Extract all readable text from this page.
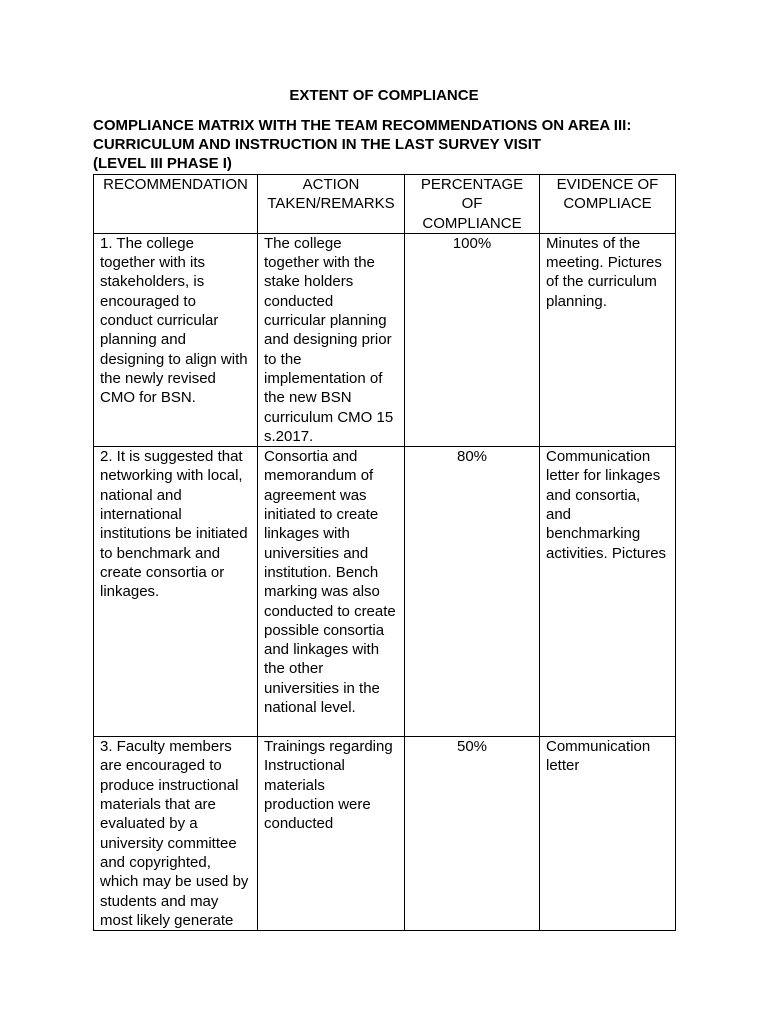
EXTENT OF COMPLIANCE
COMPLIANCE MATRIX WITH THE TEAM RECOMMENDATIONS ON AREA III:
CURRICULUM AND INSTRUCTION IN THE LAST SURVEY VISIT
(LEVEL III PHASE I)
RECOMMENDATION	ACTION TAKEN/REMARKS	PERCENTAGE OF COMPLIANCE	EVIDENCE OF COMPLIACE
1. The college together with its stakeholders, is encouraged to conduct curricular planning and designing to align with the newly revised CMO for BSN.	The college together with the stake holders conducted curricular planning and designing prior to the implementation of the new BSN curriculum CMO 15 s.2017.	100%	Minutes of the meeting. Pictures of the curriculum planning.
2. It is suggested that networking with local, national and international institutions be initiated to benchmark and create consortia or linkages.	Consortia and memorandum of agreement was initiated to create linkages with universities and institution. Bench marking was also conducted to create possible consortia and linkages with the other universities in the national level.	80%	Communication letter for linkages and consortia, and benchmarking activities. Pictures
3. Faculty members are encouraged to produce instructional materials that are evaluated by a university committee and copyrighted, which may be used by students and may most likely generate	Trainings regarding Instructional materials production were conducted	50%	Communication letter
